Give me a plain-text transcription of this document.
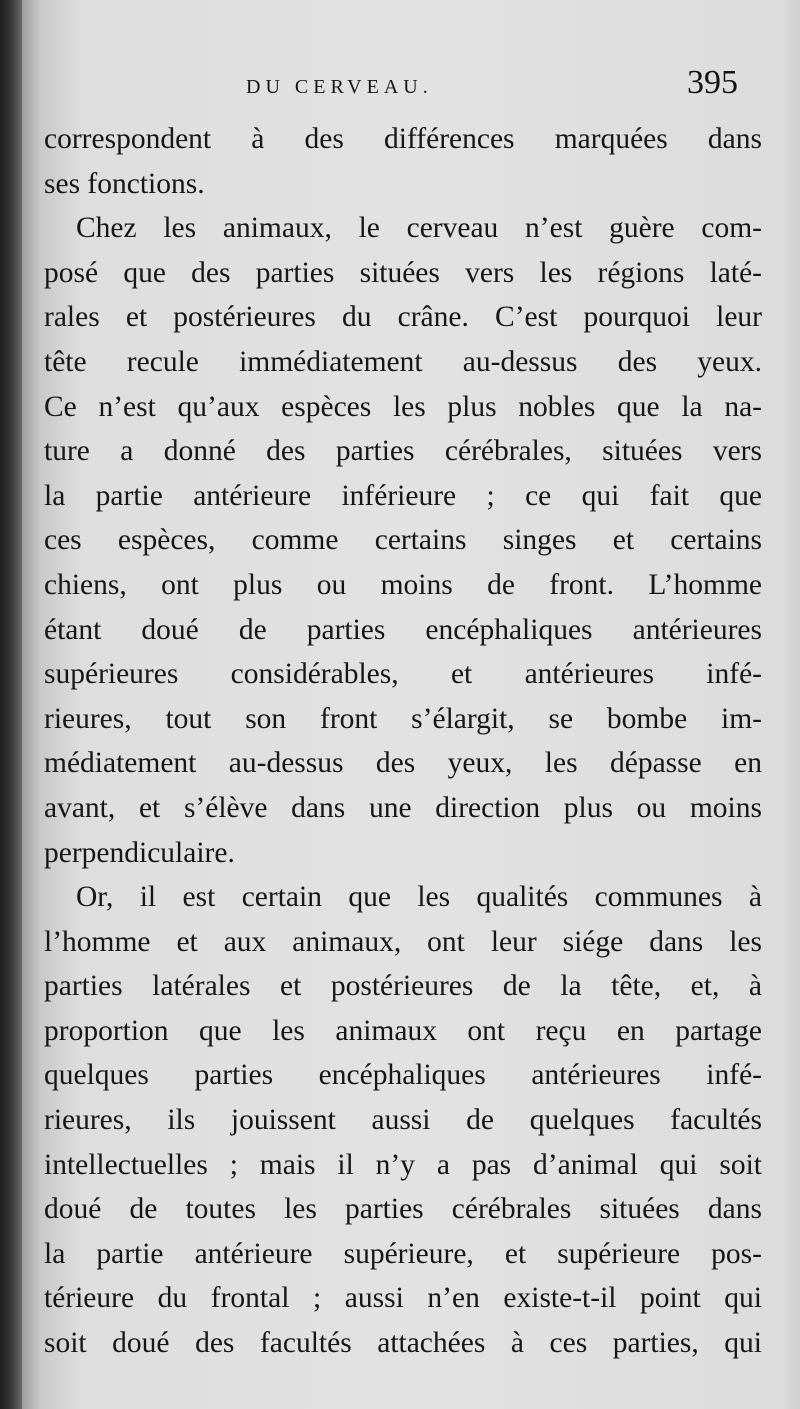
DU CERVEAU.	395
correspondent à des différences marquées dans
ses fonctions.
Chez les animaux, le cerveau n’est guère com-
posé que des parties situées vers les régions laté-
rales et postérieures du crâne. C’est pourquoi leur
tête recule immédiatement au-dessus des yeux.
Ce n’est qu’aux espèces les plus nobles que la na-
ture a donné des parties cérébrales, situées vers
la partie antérieure inférieure ; ce qui fait que
ces espèces, comme certains singes et certains
chiens, ont plus ou moins de front. L’homme
étant doué de parties encéphaliques antérieures
supérieures considérables, et antérieures infé-
rieures, tout son front s’élargit, se bombe im-
médiatement au-dessus des yeux, les dépasse en
avant, et s’élève dans une direction plus ou moins
perpendiculaire.
Or, il est certain que les qualités communes à
l’homme et aux animaux, ont leur siége dans les
parties latérales et postérieures de la tête, et, à
proportion que les animaux ont reçu en partage
quelques parties encéphaliques antérieures infé-
rieures, ils jouissent aussi de quelques facultés
intellectuelles ; mais il n’y a pas d’animal qui soit
doué de toutes les parties cérébrales situées dans
la partie antérieure supérieure, et supérieure pos-
térieure du frontal ; aussi n’en existe-t-il point qui
soit doué des facultés attachées à ces parties, qui
